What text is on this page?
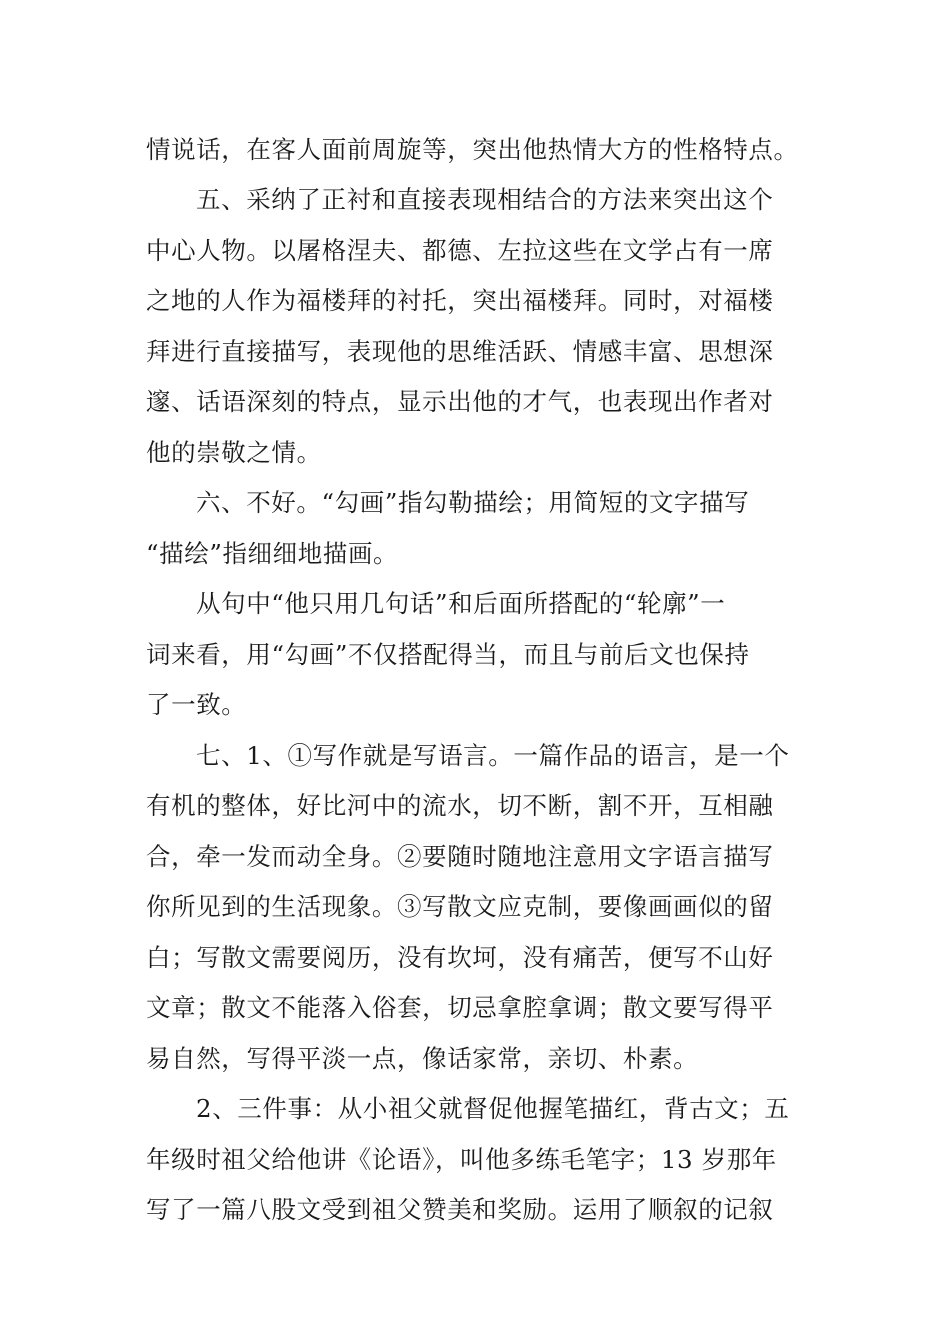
情说话，在客人面前周旋等，突出他热情大方的性格特点。
五、采纳了正衬和直接表现相结合的方法来突出这个
中心人物。以屠格涅夫、都德、左拉这些在文学占有一席
之地的人作为福楼拜的衬托，突出福楼拜。同时，对福楼
拜进行直接描写，表现他的思维活跃、情感丰富、思想深
邃、话语深刻的特点，显示出他的才气，也表现出作者对
他的崇敬之情。
六、不好。“勾画”指勾勒描绘；用简短的文字描写
“描绘”指细细地描画。
从句中“他只用几句话”和后面所搭配的“轮廓”一
词来看，用“勾画”不仅搭配得当，而且与前后文也保持
了一致。
七、1、①写作就是写语言。一篇作品的语言，是一个
有机的整体，好比河中的流水，切不断，割不开，互相融
合，牵一发而动全身。②要随时随地注意用文字语言描写
你所见到的生活现象。③写散文应克制，要像画画似的留
白；写散文需要阅历，没有坎坷，没有痛苦，便写不山好
文章；散文不能落入俗套，切忌拿腔拿调；散文要写得平
易自然，写得平淡一点，像话家常，亲切、朴素。
2、三件事：从小祖父就督促他握笔描红，背古文；五
年级时祖父给他讲《论语》，叫他多练毛笔字；13 岁那年
写了一篇八股文受到祖父赞美和奖励。运用了顺叙的记叙
